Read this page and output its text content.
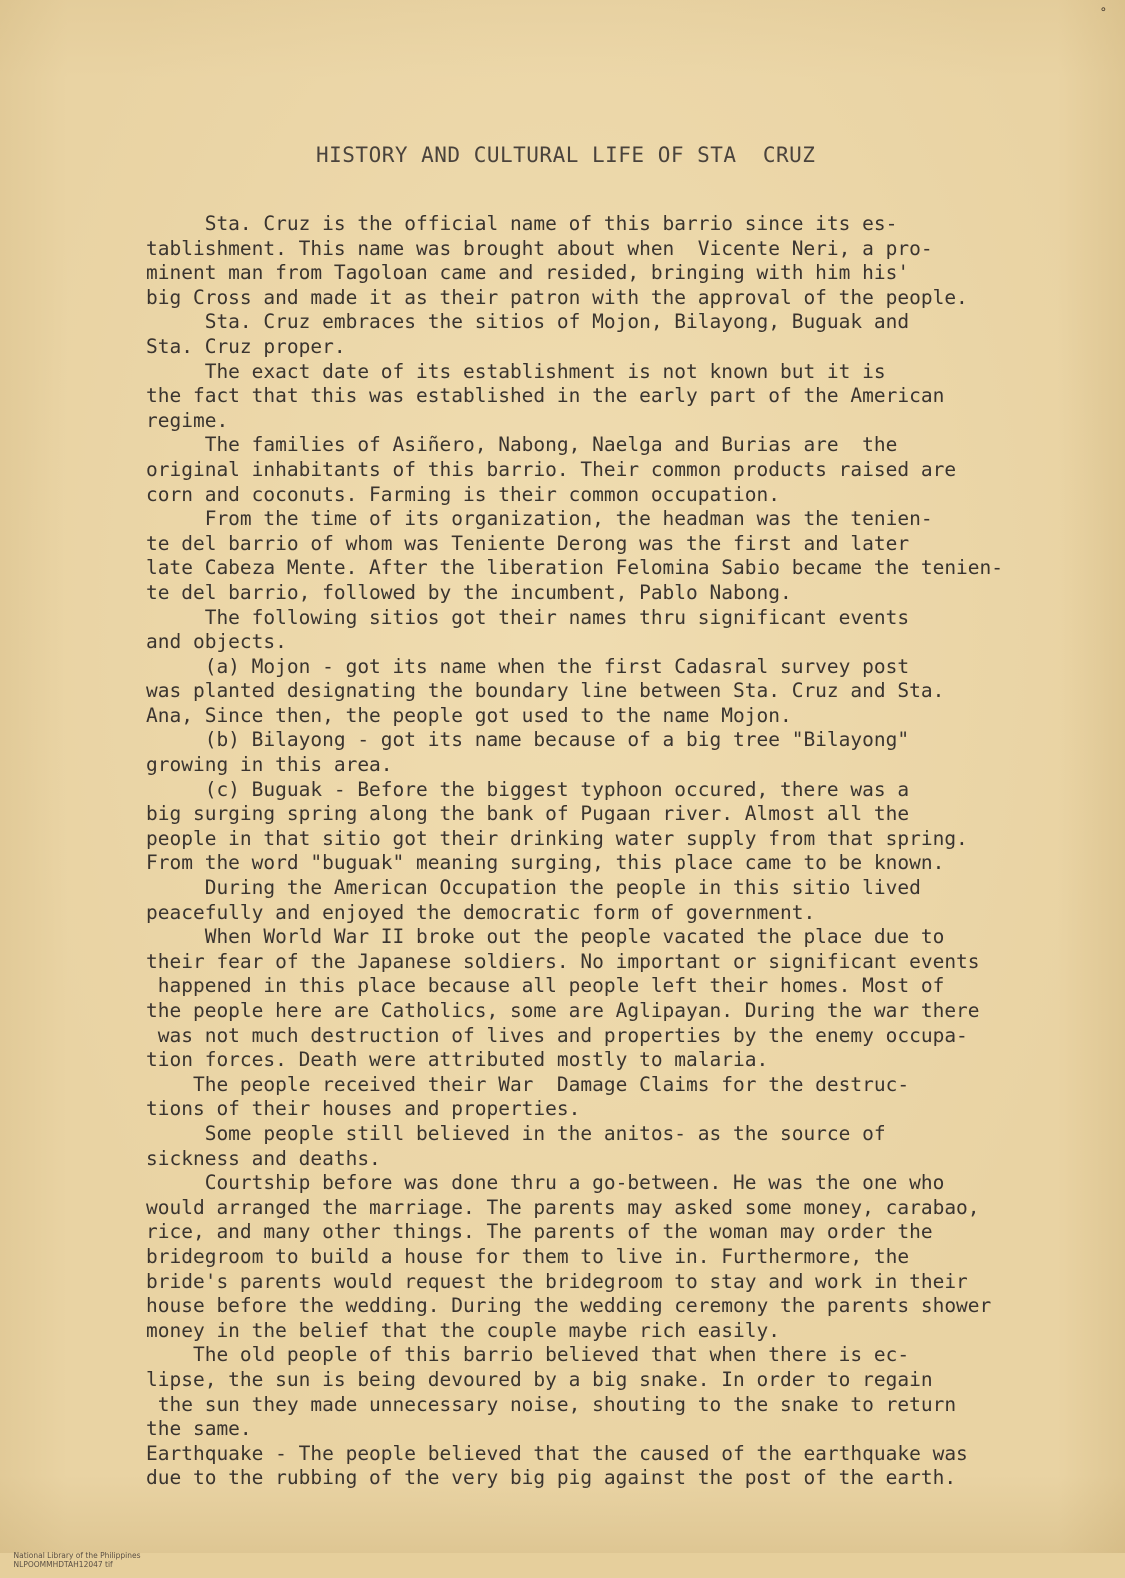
∘
HISTORY AND CULTURAL LIFE OF STA  CRUZ
Sta. Cruz is the official name of this barrio since its es-
tablishment. This name was brought about when  Vicente Neri, a pro-
minent man from Tagoloan came and resided, bringing with him his'
big Cross and made it as their patron with the approval of the people.
Sta. Cruz embraces the sitios of Mojon, Bilayong, Buguak and
Sta. Cruz proper.
The exact date of its establishment is not known but it is
the fact that this was established in the early part of the American
regime.
The families of Asiñero, Nabong, Naelga and Burias are  the
original inhabitants of this barrio. Their common products raised are
corn and coconuts. Farming is their common occupation.
From the time of its organization, the headman was the tenien-
te del barrio of whom was Teniente Derong was the first and later
late Cabeza Mente. After the liberation Felomina Sabio became the tenien-
te del barrio, followed by the incumbent, Pablo Nabong.
The following sitios got their names thru significant events
and objects.
(a) Mojon - got its name when the first Cadasral survey post
was planted designating the boundary line between Sta. Cruz and Sta.
Ana, Since then, the people got used to the name Mojon.
(b) Bilayong - got its name because of a big tree "Bilayong"
growing in this area.
(c) Buguak - Before the biggest typhoon occured, there was a
big surging spring along the bank of Pugaan river. Almost all the
people in that sitio got their drinking water supply from that spring.
From the word "buguak" meaning surging, this place came to be known.
During the American Occupation the people in this sitio lived
peacefully and enjoyed the democratic form of government.
When World War II broke out the people vacated the place due to
their fear of the Japanese soldiers. No important or significant events
happened in this place because all people left their homes. Most of
the people here are Catholics, some are Aglipayan. During the war there
was not much destruction of lives and properties by the enemy occupa-
tion forces. Death were attributed mostly to malaria.
The people received their War  Damage Claims for the destruc-
tions of their houses and properties.
Some people still believed in the anitos- as the source of
sickness and deaths.
Courtship before was done thru a go-between. He was the one who
would arranged the marriage. The parents may asked some money, carabao,
rice, and many other things. The parents of the woman may order the
bridegroom to build a house for them to live in. Furthermore, the
bride's parents would request the bridegroom to stay and work in their
house before the wedding. During the wedding ceremony the parents shower
money in the belief that the couple maybe rich easily.
The old people of this barrio believed that when there is ec-
lipse, the sun is being devoured by a big snake. In order to regain
the sun they made unnecessary noise, shouting to the snake to return
the same.
Earthquake - The people believed that the caused of the earthquake was
due to the rubbing of the very big pig against the post of the earth.

National Library of the Philippines
NLPOOMMHDTAH12047 tif
